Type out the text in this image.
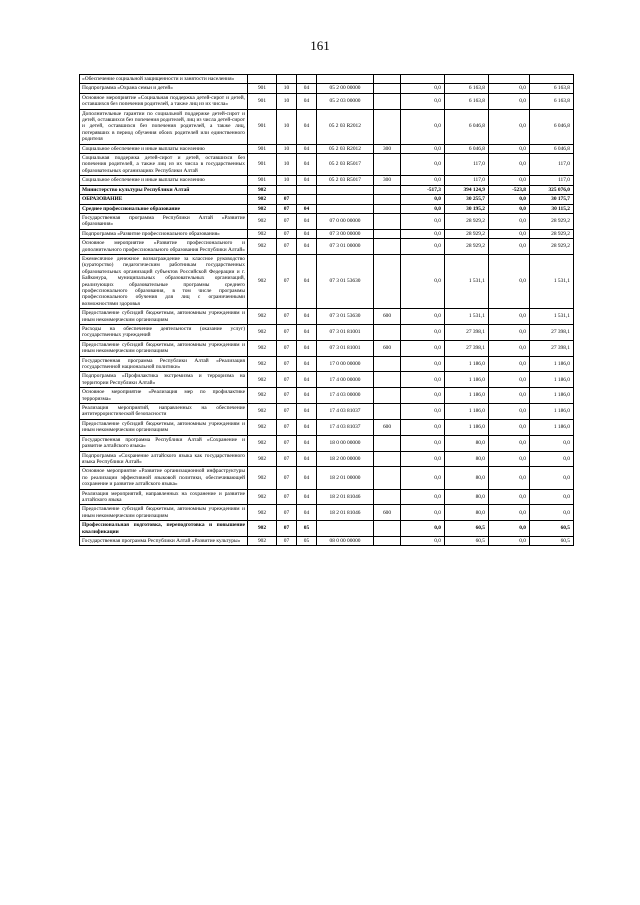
161
«Обеспечение социальной защищенности и занятости населения»									
Подпрограмма «Охрана семьи и детей»	901	10	04	05 2 00 00000		0,0	6 163,8	0,0	6 163,8
Основное мероприятие «Социальная поддержка детей-сирот и детей, оставшихся без попечения родителей, а также лиц из их числа»	901	10	04	05 2 03 00000		0,0	6 163,8	0,0	6 163,8
Дополнительные гарантии по социальной поддержке детей-сирот и детей, оставшихся без попечения родителей, лиц из числа детей-сирот и детей, оставшихся без попечения родителей, а также лиц, потерявших в период обучения обоих родителей или единственного родителя	901	10	04	05 2 03 R2012		0,0	6 046,8	0,0	6 046,8
Социальное обеспечение и иные выплаты населению	901	10	04	05 2 03 R2012	300	0,0	6 046,8	0,0	6 046,8
Социальная поддержка детей-сирот и детей, оставшихся без попечения родителей, а также лиц из их числа в государственных образовательных организациях Республики Алтай	901	10	04	05 2 03 R5017		0,0	117,0	0,0	117,0
Социальное обеспечение и иные выплаты населению	901	10	04	05 2 03 R5017	300	0,0	117,0	0,0	117,0
Министерство культуры Республики Алтай	902					-517,3	394 124,9	-523,8	325 076,0
ОБРАЗОВАНИЕ	902	07				0,0	30 255,7	0,0	30 175,7
Среднее профессиональное образование	902	07	04			0,0	30 195,2	0,0	30 115,2
Государственная программа Республики Алтай «Развитие образования»	902	07	04	07 0 00 00000		0,0	28 929,2	0,0	28 929,2
Подпрограмма «Развитие профессионального образования»	902	07	04	07 3 00 00000		0,0	28 929,2	0,0	28 929,2
Основное мероприятие «Развитие профессионального и дополнительного профессионального образования Республики Алтай»	902	07	04	07 3 01 00000		0,0	28 929,2	0,0	28 929,2
Ежемесячное денежное вознаграждение за классное руководство (кураторство) педагогическим работникам государственных образовательных организаций субъектов Российской Федерации и г. Байконура, муниципальных образовательных организаций, реализующих образовательные программы среднего профессионального образования, в том числе программы профессионального обучения для лиц с ограниченными возможностями здоровья	902	07	04	07 3 01 53630		0,0	1 531,1	0,0	1 531,1
Предоставление субсидий бюджетным, автономным учреждениям и иным некоммерческим организациям	902	07	04	07 3 01 53630	600	0,0	1 531,1	0,0	1 531,1
Расходы на обеспечение деятельности (оказание услуг) государственных учреждений	902	07	04	07 3 01 81001		0,0	27 398,1	0,0	27 398,1
Предоставление субсидий бюджетным, автономным учреждениям и иным некоммерческим организациям	902	07	04	07 3 01 81001	600	0,0	27 398,1	0,0	27 398,1
Государственная программа Республики Алтай «Реализация государственной национальной политики»	902	07	04	17 0 00 00000		0,0	1 186,0	0,0	1 186,0
Подпрограмма «Профилактика экстремизма и терроризма на территории Республики Алтай»	902	07	04	17 4 00 00000		0,0	1 186,0	0,0	1 186,0
Основное мероприятие «Реализация мер по профилактике терроризма»	902	07	04	17 4 03 00000		0,0	1 186,0	0,0	1 186,0
Реализация мероприятий, направленных на обеспечение антитеррористической безопасности	902	07	04	17 4 03 81037		0,0	1 186,0	0,0	1 186,0
Предоставление субсидий бюджетным, автономным учреждениям и иным некоммерческим организациям	902	07	04	17 4 03 81037	600	0,0	1 186,0	0,0	1 186,0
Государственная программа Республики Алтай «Сохранение и развитие алтайского языка»	902	07	04	18 0 00 00000		0,0	80,0	0,0	0,0
Подпрограмма «Сохранение алтайского языка как государственного языка Республики Алтай»	902	07	04	18 2 00 00000		0,0	80,0	0,0	0,0
Основное мероприятие «Развитие организационной инфраструктуры по реализации эффективной языковой политики, обеспечивающей сохранение и развитие алтайского языка»	902	07	04	18 2 01 00000		0,0	80,0	0,0	0,0
Реализация мероприятий, направленных на сохранение и развитие алтайского языка	902	07	04	18 2 01 81046		0,0	80,0	0,0	0,0
Предоставление субсидий бюджетным, автономным учреждениям и иным некоммерческим организациям	902	07	04	18 2 01 81046	600	0,0	80,0	0,0	0,0
Профессиональная подготовка, переподготовка и повышение квалификации	902	07	05			0,0	60,5	0,0	60,5
Государственная программа Республики Алтай «Развитие культуры»	902	07	05	08 0 00 00000		0,0	60,5	0,0	60,5
